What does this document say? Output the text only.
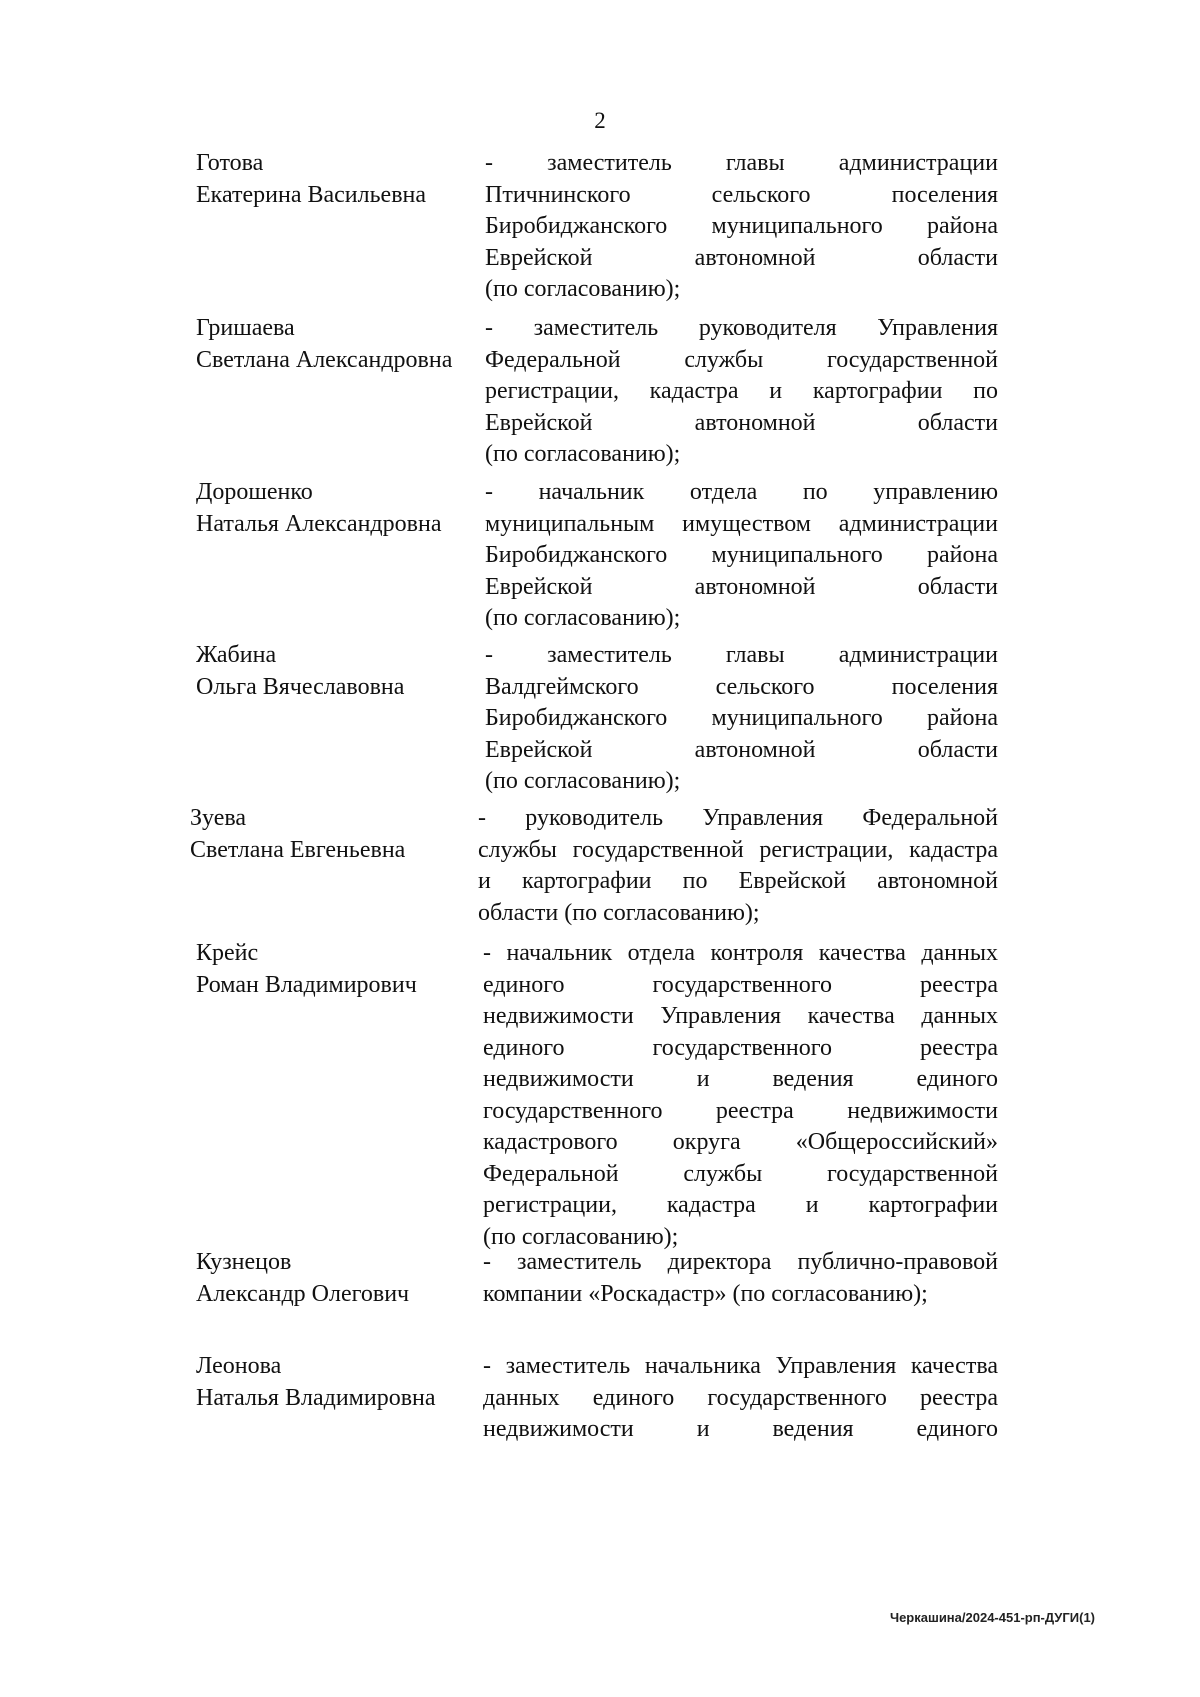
2
Готова
Екатерина Васильевна
- заместитель главы администрации
Птичнинского сельского поселения
Биробиджанского муниципального района
Еврейской автономной области
(по согласованию);
Гришаева
Светлана Александровна
- заместитель руководителя Управления
Федеральной службы государственной
регистрации, кадастра и картографии по
Еврейской автономной области
(по согласованию);
Дорошенко
Наталья Александровна
- начальник отдела по управлению
муниципальным имуществом администрации
Биробиджанского муниципального района
Еврейской автономной области
(по согласованию);
Жабина
Ольга Вячеславовна
- заместитель главы администрации
Валдгеймского сельского поселения
Биробиджанского муниципального района
Еврейской автономной области
(по согласованию);
Зуева
Светлана Евгеньевна
- руководитель Управления Федеральной
службы государственной регистрации, кадастра
и картографии по Еврейской автономной
области (по согласованию);
Крейс
Роман Владимирович
- начальник отдела контроля качества данных
единого государственного реестра
недвижимости Управления качества данных
единого государственного реестра
недвижимости и ведения единого
государственного реестра недвижимости
кадастрового округа «Общероссийский»
Федеральной службы государственной
регистрации, кадастра и картографии
(по согласованию);
Кузнецов
Александр Олегович
- заместитель директора публично-правовой
компании «Роскадастр» (по согласованию);
Леонова
Наталья Владимировна
- заместитель начальника Управления качества
данных единого государственного реестра
недвижимости и ведения единого
Черкашина/2024-451-рп-ДУГИ(1)
